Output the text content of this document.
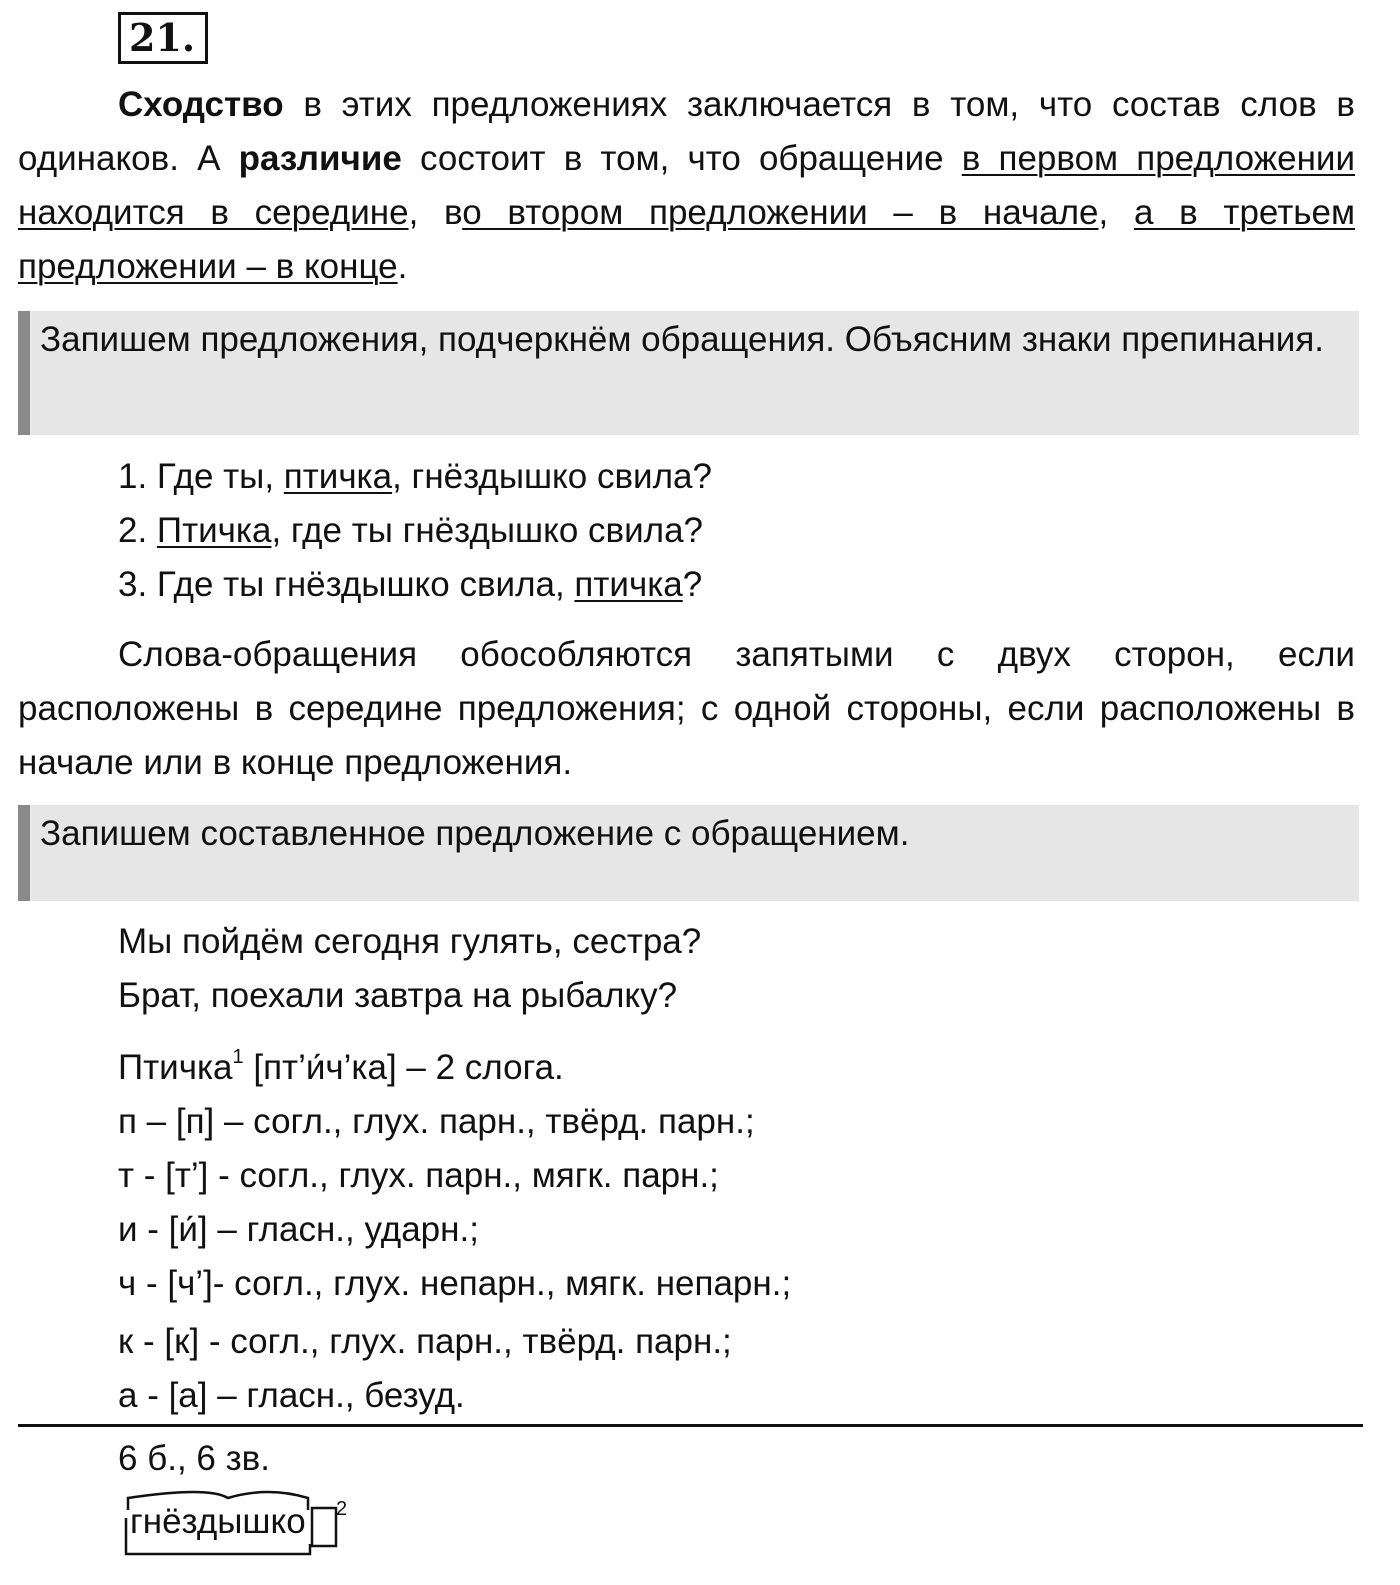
21.
Сходство в этих предложениях заключается в том, что состав слов в одинаков. А различие состоит в том, что обращение в первом предложении находится в середине, во втором предложении – в начале, а в третьем предложении – в конце.
Запишем предложения, подчеркнём обращения. Объясним знаки препинания.
1. Где ты, птичка, гнёздышко свила?
2. Птичка, где ты гнёздышко свила?
3. Где ты гнёздышко свила, птичка?
Слова-обращения обособляются запятыми с двух сторон, если расположены в середине предложения; с одной стороны, если расположены в начале или в конце предложения.
Запишем составленное предложение с обращением.
Мы пойдём сегодня гулять, сестра?
Брат, поехали завтра на рыбалку?
Птичка$^1$ [пт’и́ч’ка] – 2 слога.
п – [п] – согл., глух. парн., твёрд. парн.;
т - [т’] - согл., глух. парн., мягк. парн.;
и - [и́] – гласн., ударн.;
ч - [ч’]- согл., глух. непарн., мягк. непарн.;
к - [к] - согл., глух. парн., твёрд. парн.;
а - [а] – гласн., безуд.
6 б., 6 зв.
гнёздышко 2
